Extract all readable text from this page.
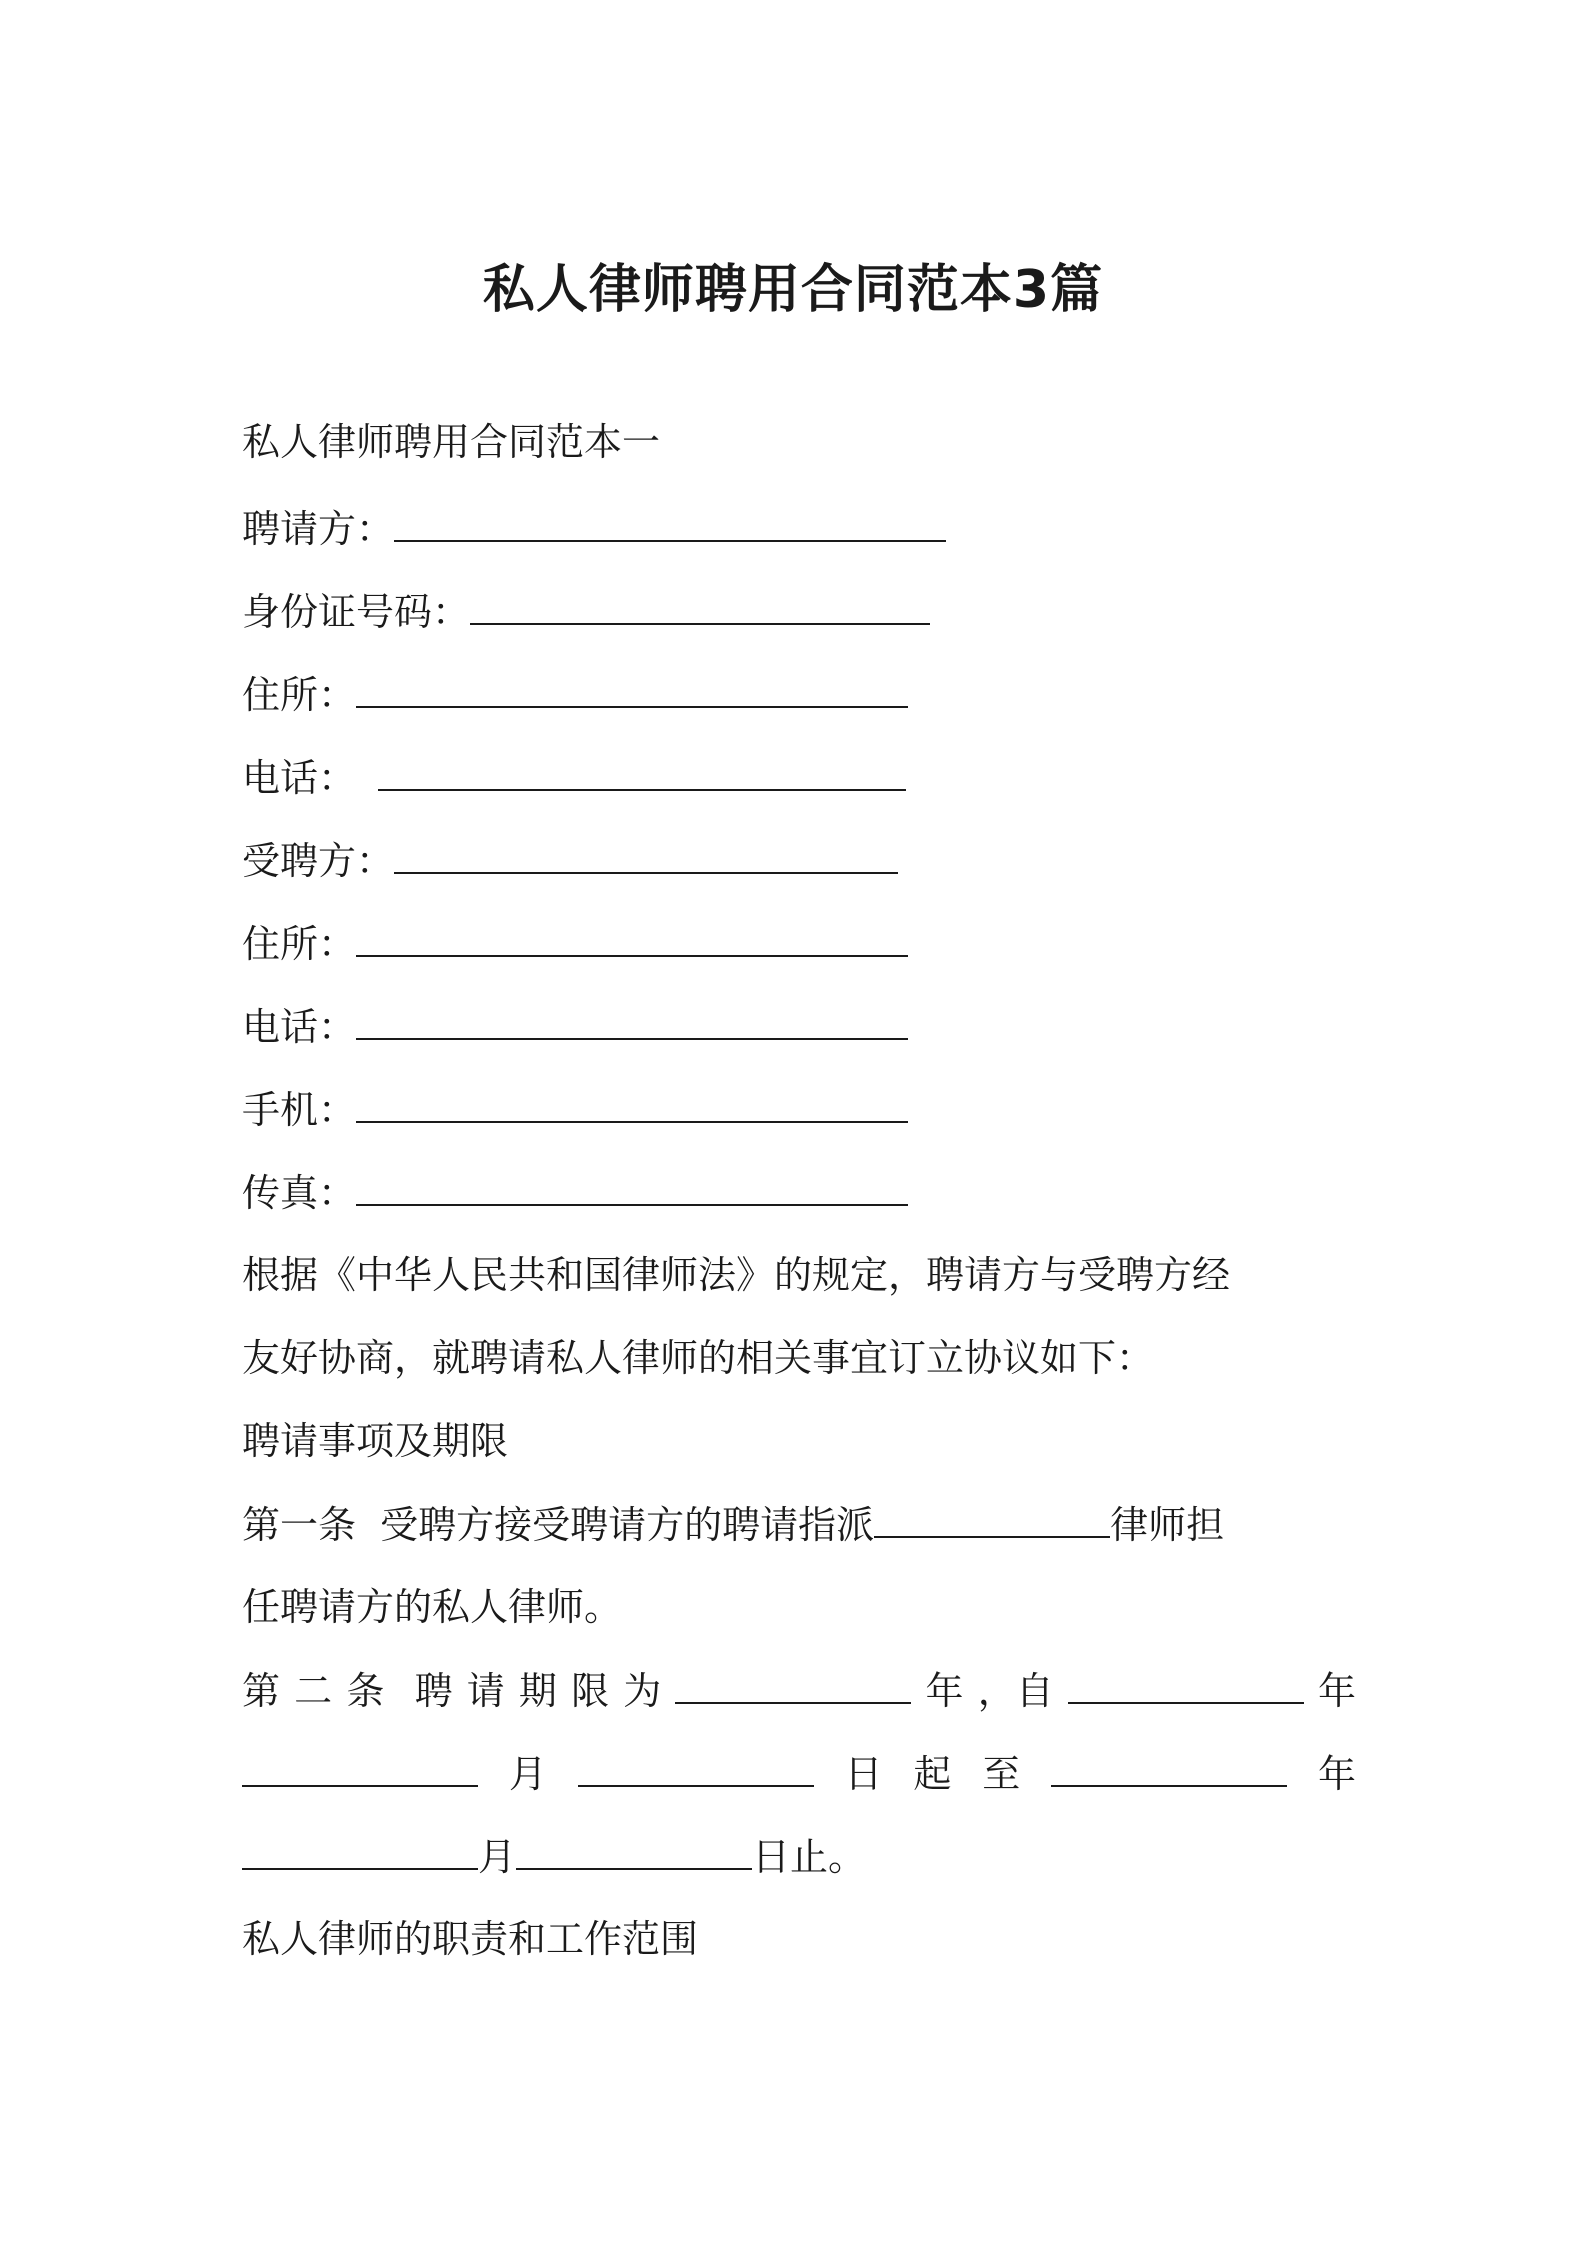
私人律师聘用合同范本3篇
私人律师聘用合同范本一
聘请方：
身份证号码：
住所：
电话：
受聘方：
住所：
电话：
手机：
传真：
根据《中华人民共和国律师法》的规定，聘请方与受聘方经
友好协商，就聘请私人律师的相关事宜订立协议如下：
聘请事项及期限
第一条  受聘方接受聘请方的聘请指派	律师担
任聘请方的私人律师。
第 二 条 聘 请 期 限 为	年 ，自	年
月	日 起 至	年
月	日止。
私人律师的职责和工作范围
